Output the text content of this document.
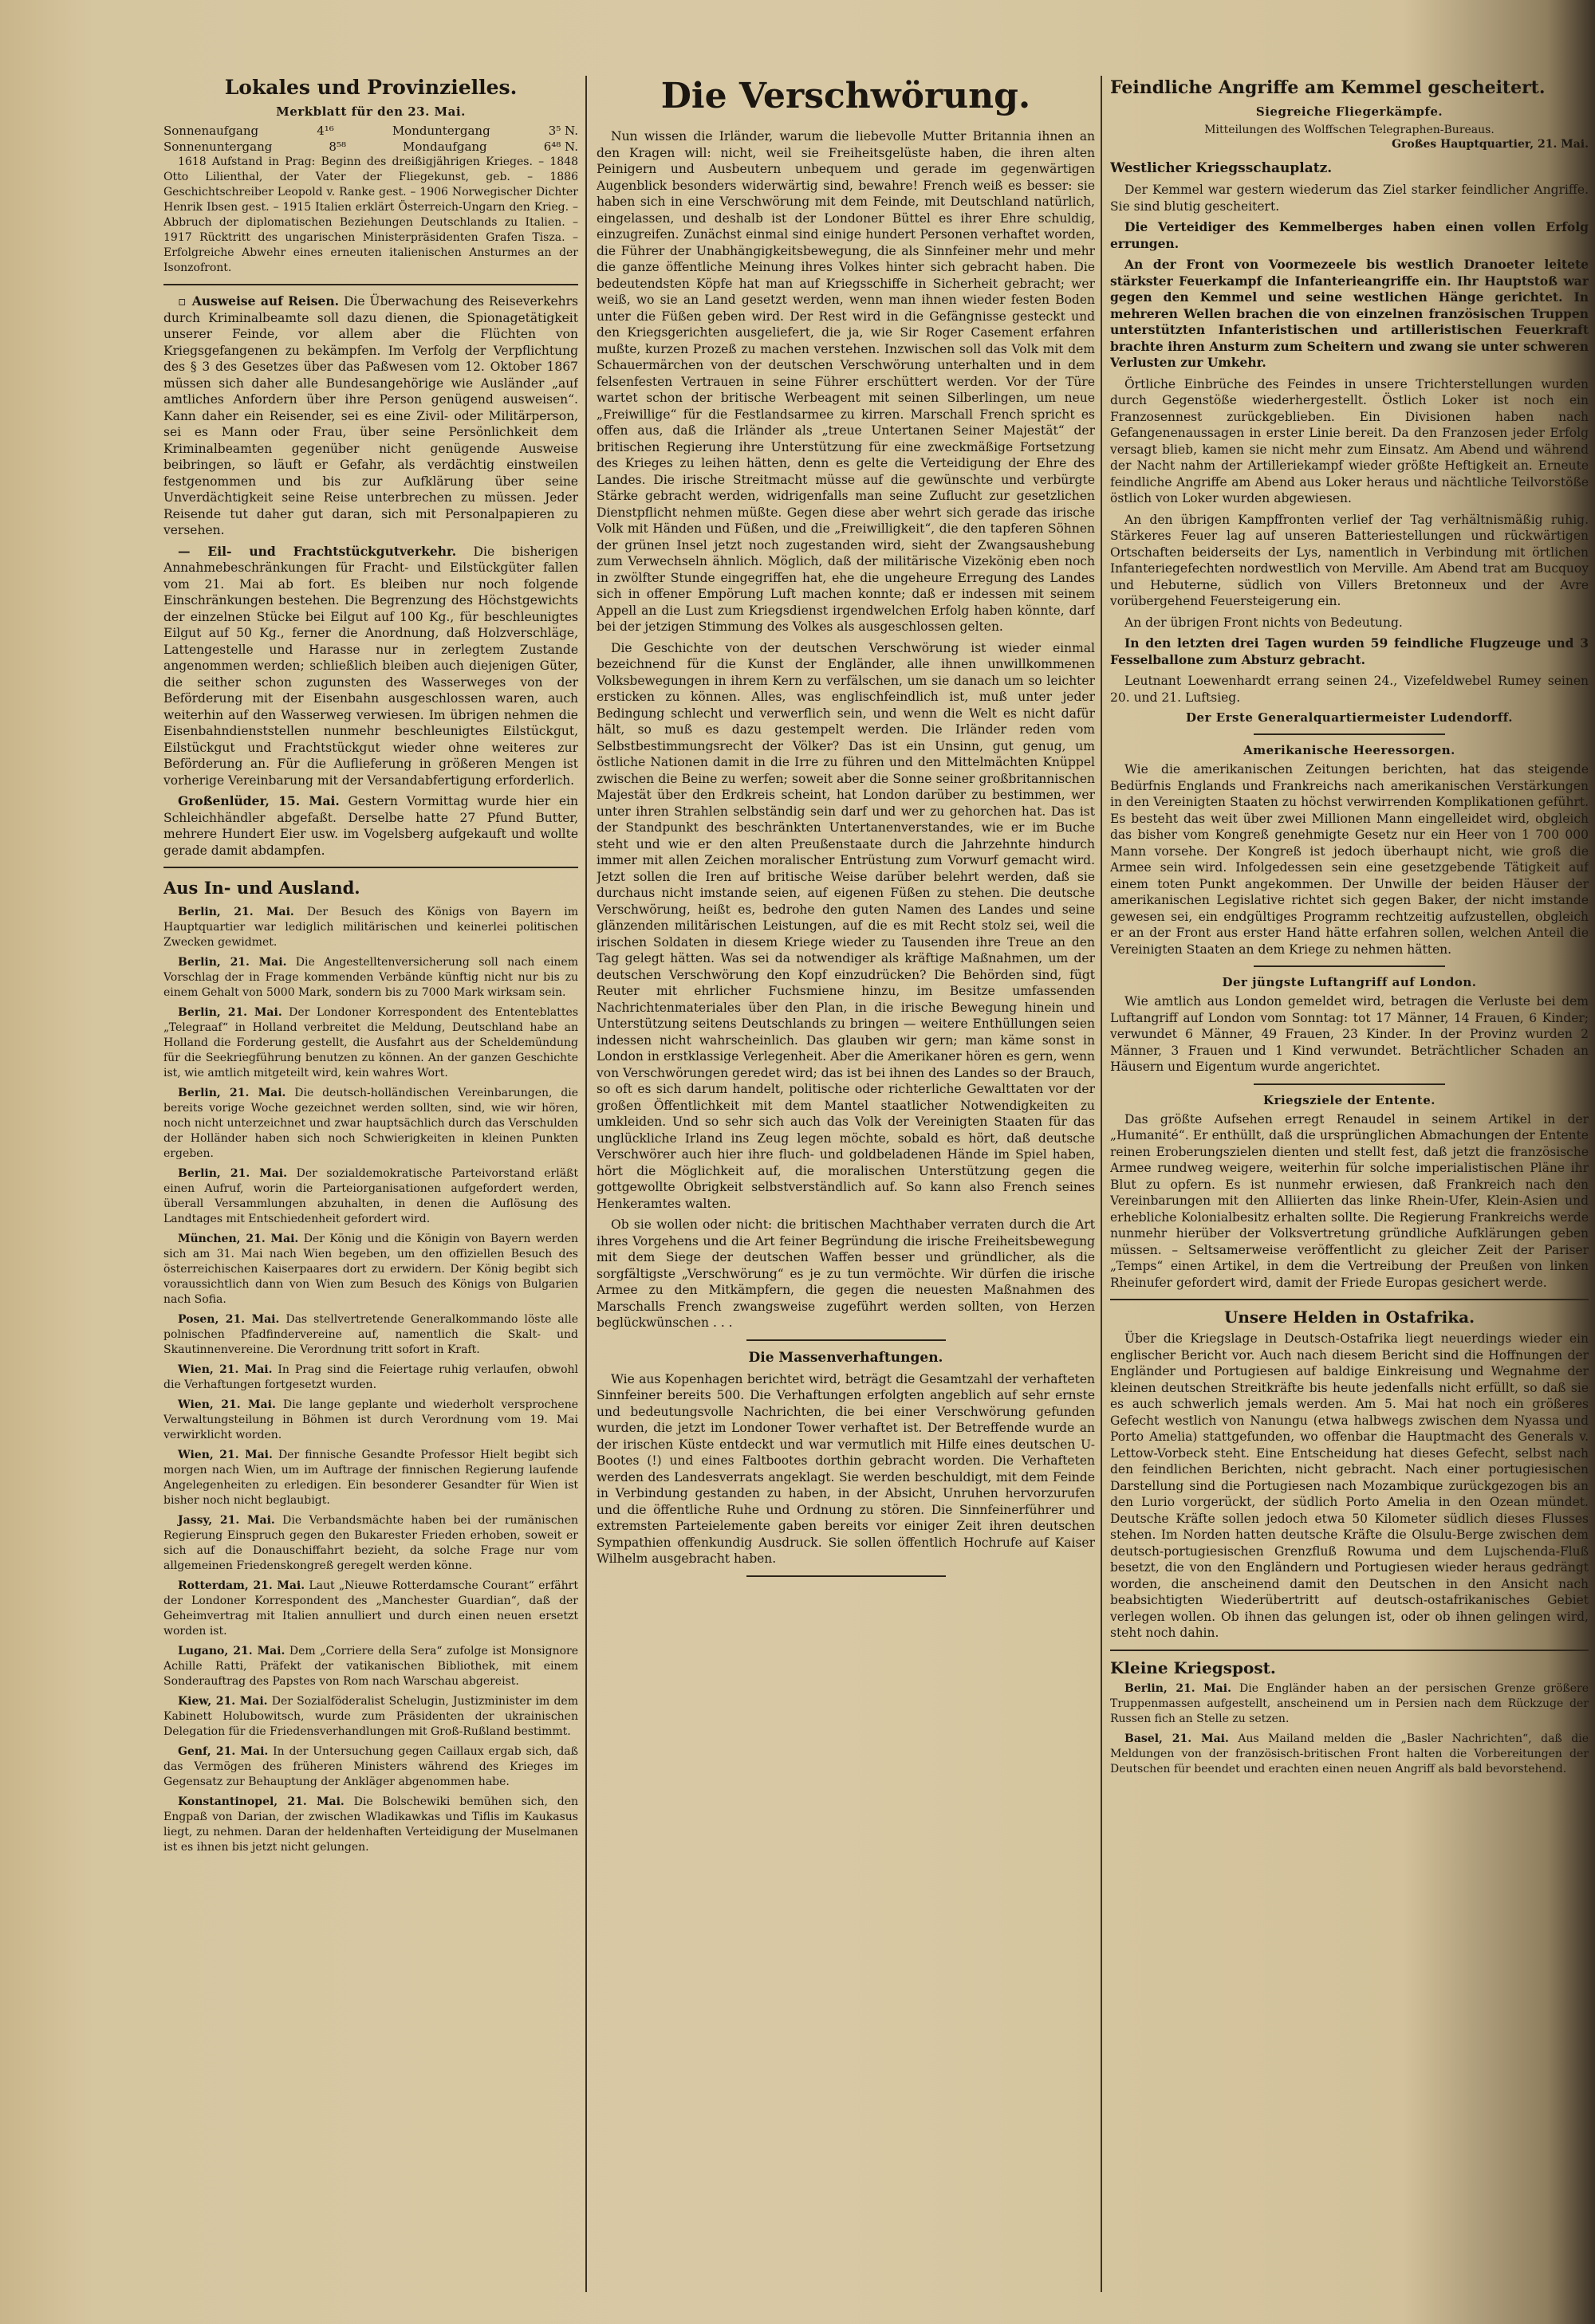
Lokales und Provinzielles.
Merkblatt für den 23. Mai.
Sonnenaufgang	4¹⁶	Monduntergang	3⁵ N.
Sonnenuntergang	8⁵⁸	Mondaufgang	6⁴⁸ N.

1618 Aufstand in Prag: Beginn des dreißigjährigen Krieges. – 1848 Otto Lilienthal, der Vater der Fliegekunst, geb. – 1886 Geschichtschreiber Leopold v. Ranke gest. – 1906 Norwegischer Dichter Henrik Ibsen gest. – 1915 Italien erklärt Österreich-Ungarn den Krieg. – Abbruch der diplomatischen Beziehungen Deutschlands zu Italien. – 1917 Rücktritt des ungarischen Ministerpräsidenten Grafen Tisza. – Erfolgreiche Abwehr eines erneuten italienischen Ansturmes an der Isonzofront.

▫ Ausweise auf Reisen. Die Überwachung des Reiseverkehrs durch Kriminalbeamte soll dazu dienen, die Spionagetätigkeit unserer Feinde, vor allem aber die Flüchten von Kriegsgefangenen zu bekämpfen. Im Verfolg der Verpflichtung des § 3 des Gesetzes über das Paßwesen vom 12. Oktober 1867 müssen sich daher alle Bundesangehörige wie Ausländer „auf amtliches Anfordern über ihre Person genügend ausweisen“. Kann daher ein Reisender, sei es eine Zivil- oder Militärperson, sei es Mann oder Frau, über seine Persönlichkeit dem Kriminalbeamten gegenüber nicht genügende Ausweise beibringen, so läuft er Gefahr, als verdächtig einstweilen festgenommen und bis zur Aufklärung über seine Unverdächtigkeit seine Reise unterbrechen zu müssen. Jeder Reisende tut daher gut daran, sich mit Personalpapieren zu versehen.

— Eil- und Frachtstückgutverkehr. Die bisherigen Annahmebeschränkungen für Fracht- und Eilstückgüter fallen vom 21. Mai ab fort. Es bleiben nur noch folgende Einschränkungen bestehen. Die Begrenzung des Höchstgewichts der einzelnen Stücke bei Eilgut auf 100 Kg., für beschleunigtes Eilgut auf 50 Kg., ferner die Anordnung, daß Holzverschläge, Lattengestelle und Harasse nur in zerlegtem Zustande angenommen werden; schließlich bleiben auch diejenigen Güter, die seither schon zugunsten des Wasserweges von der Beförderung mit der Eisenbahn ausgeschlossen waren, auch weiterhin auf den Wasserweg verwiesen. Im übrigen nehmen die Eisenbahndienststellen nunmehr beschleunigtes Eilstückgut, Eilstückgut und Frachtstückgut wieder ohne weiteres zur Beförderung an. Für die Auflieferung in größeren Mengen ist vorherige Vereinbarung mit der Versandabfertigung erforderlich.

Großenlüder, 15. Mai. Gestern Vormittag wurde hier ein Schleichhändler abgefaßt. Derselbe hatte 27 Pfund Butter, mehrere Hundert Eier usw. im Vogelsberg aufgekauft und wollte gerade damit abdampfen.

Aus In- und Ausland.

Berlin, 21. Mai. Der Besuch des Königs von Bayern im Hauptquartier war lediglich militärischen und keinerlei politischen Zwecken gewidmet.

Berlin, 21. Mai. Die Angestelltenversicherung soll nach einem Vorschlag der in Frage kommenden Verbände künftig nicht nur bis zu einem Gehalt von 5000 Mark, sondern bis zu 7000 Mark wirksam sein.

Berlin, 21. Mai. Der Londoner Korrespondent des Ententeblattes „Telegraaf“ in Holland verbreitet die Meldung, Deutschland habe an Holland die Forderung gestellt, die Ausfahrt aus der Scheldemündung für die Seekriegführung benutzen zu können. An der ganzen Geschichte ist, wie amtlich mitgeteilt wird, kein wahres Wort.

Berlin, 21. Mai. Die deutsch-holländischen Vereinbarungen, die bereits vorige Woche gezeichnet werden sollten, sind, wie wir hören, noch nicht unterzeichnet und zwar hauptsächlich durch das Verschulden der Holländer haben sich noch Schwierigkeiten in kleinen Punkten ergeben.

Berlin, 21. Mai. Der sozialdemokratische Parteivorstand erläßt einen Aufruf, worin die Parteiorganisationen aufgefordert werden, überall Versammlungen abzuhalten, in denen die Auflösung des Landtages mit Entschiedenheit gefordert wird.

München, 21. Mai. Der König und die Königin von Bayern werden sich am 31. Mai nach Wien begeben, um den offiziellen Besuch des österreichischen Kaiserpaares dort zu erwidern. Der König begibt sich voraussichtlich dann von Wien zum Besuch des Königs von Bulgarien nach Sofia.

Posen, 21. Mai. Das stellvertretende Generalkommando löste alle polnischen Pfadfindervereine auf, namentlich die Skalt- und Skautinnenvereine. Die Verordnung tritt sofort in Kraft.

Wien, 21. Mai. In Prag sind die Feiertage ruhig verlaufen, obwohl die Verhaftungen fortgesetzt wurden.

Wien, 21. Mai. Die lange geplante und wiederholt versprochene Verwaltungsteilung in Böhmen ist durch Verordnung vom 19. Mai verwirklicht worden.

Wien, 21. Mai. Der finnische Gesandte Professor Hielt begibt sich morgen nach Wien, um im Auftrage der finnischen Regierung laufende Angelegenheiten zu erledigen. Ein besonderer Gesandter für Wien ist bisher noch nicht beglaubigt.

Jassy, 21. Mai. Die Verbandsmächte haben bei der rumänischen Regierung Einspruch gegen den Bukarester Frieden erhoben, soweit er sich auf die Donauschiffahrt bezieht, da solche Frage nur vom allgemeinen Friedenskongreß geregelt werden könne.

Rotterdam, 21. Mai. Laut „Nieuwe Rotterdamsche Courant“ erfährt der Londoner Korrespondent des „Manchester Guardian“, daß der Geheimvertrag mit Italien annulliert und durch einen neuen ersetzt worden ist.

Lugano, 21. Mai. Dem „Corriere della Sera“ zufolge ist Monsignore Achille Ratti, Präfekt der vatikanischen Bibliothek, mit einem Sonderauftrag des Papstes von Rom nach Warschau abgereist.

Kiew, 21. Mai. Der Sozialföderalist Schelugin, Justizminister im dem Kabinett Holubowitsch, wurde zum Präsidenten der ukrainischen Delegation für die Friedensverhandlungen mit Groß-Rußland bestimmt.

Genf, 21. Mai. In der Untersuchung gegen Caillaux ergab sich, daß das Vermögen des früheren Ministers während des Krieges im Gegensatz zur Behauptung der Ankläger abgenommen habe.

Konstantinopel, 21. Mai. Die Bolschewiki bemühen sich, den Engpaß von Darian, der zwischen Wladikawkas und Tiflis im Kaukasus liegt, zu nehmen. Daran der heldenhaften Verteidigung der Muselmanen ist es ihnen bis jetzt nicht gelungen.

Die Verschwörung.

Nun wissen die Irländer, warum die liebevolle Mutter Britannia ihnen an den Kragen will: nicht, weil sie Freiheitsgelüste haben, die ihren alten Peinigern und Ausbeutern unbequem und gerade im gegenwärtigen Augenblick besonders widerwärtig sind, bewahre! French weiß es besser: sie haben sich in eine Verschwörung mit dem Feinde, mit Deutschland natürlich, eingelassen, und deshalb ist der Londoner Büttel es ihrer Ehre schuldig, einzugreifen. Zunächst einmal sind einige hundert Personen verhaftet worden, die Führer der Unabhängigkeitsbewegung, die als Sinnfeiner mehr und mehr die ganze öffentliche Meinung ihres Volkes hinter sich gebracht haben. Die bedeutendsten Köpfe hat man auf Kriegsschiffe in Sicherheit gebracht; wer weiß, wo sie an Land gesetzt werden, wenn man ihnen wieder festen Boden unter die Füßen geben wird. Der Rest wird in die Gefängnisse gesteckt und den Kriegsgerichten ausgeliefert, die ja, wie Sir Roger Casement erfahren mußte, kurzen Prozeß zu machen verstehen. Inzwischen soll das Volk mit dem Schauermärchen von der deutschen Verschwörung unterhalten und in dem felsenfesten Vertrauen in seine Führer erschüttert werden. Vor der Türe wartet schon der britische Werbeagent mit seinen Silberlingen, um neue „Freiwillige“ für die Festlandsarmee zu kirren. Marschall French spricht es offen aus, daß die Irländer als „treue Untertanen Seiner Majestät“ der britischen Regierung ihre Unterstützung für eine zweckmäßige Fortsetzung des Krieges zu leihen hätten, denn es gelte die Verteidigung der Ehre des Landes. Die irische Streitmacht müsse auf die gewünschte und verbürgte Stärke gebracht werden, widrigenfalls man seine Zuflucht zur gesetzlichen Dienstpflicht nehmen müßte. Gegen diese aber wehrt sich gerade das irische Volk mit Händen und Füßen, und die „Freiwilligkeit“, die den tapferen Söhnen der grünen Insel jetzt noch zugestanden wird, sieht der Zwangsaushebung zum Verwechseln ähnlich. Möglich, daß der militärische Vizekönig eben noch in zwölfter Stunde eingegriffen hat, ehe die ungeheure Erregung des Landes sich in offener Empörung Luft machen konnte; daß er indessen mit seinem Appell an die Lust zum Kriegsdienst irgendwelchen Erfolg haben könnte, darf bei der jetzigen Stimmung des Volkes als ausgeschlossen gelten.

Die Geschichte von der deutschen Verschwörung ist wieder einmal bezeichnend für die Kunst der Engländer, alle ihnen unwillkommenen Volksbewegungen in ihrem Kern zu verfälschen, um sie danach um so leichter ersticken zu können. Alles, was englischfeindlich ist, muß unter jeder Bedingung schlecht und verwerflich sein, und wenn die Welt es nicht dafür hält, so muß es dazu gestempelt werden. Die Irländer reden vom Selbstbestimmungsrecht der Völker? Das ist ein Unsinn, gut genug, um östliche Nationen damit in die Irre zu führen und den Mittelmächten Knüppel zwischen die Beine zu werfen; soweit aber die Sonne seiner großbritannischen Majestät über den Erdkreis scheint, hat London darüber zu bestimmen, wer unter ihren Strahlen selbständig sein darf und wer zu gehorchen hat. Das ist der Standpunkt des beschränkten Untertanenverstandes, wie er im Buche steht und wie er den alten Preußenstaate durch die Jahrzehnte hindurch immer mit allen Zeichen moralischer Entrüstung zum Vorwurf gemacht wird. Jetzt sollen die Iren auf britische Weise darüber belehrt werden, daß sie durchaus nicht imstande seien, auf eigenen Füßen zu stehen. Die deutsche Verschwörung, heißt es, bedrohe den guten Namen des Landes und seine glänzenden militärischen Leistungen, auf die es mit Recht stolz sei, weil die irischen Soldaten in diesem Kriege wieder zu Tausenden ihre Treue an den Tag gelegt hätten. Was sei da notwendiger als kräftige Maßnahmen, um der deutschen Verschwörung den Kopf einzudrücken? Die Behörden sind, fügt Reuter mit ehrlicher Fuchsmiene hinzu, im Besitze umfassenden Nachrichtenmateriales über den Plan, in die irische Bewegung hinein und Unterstützung seitens Deutschlands zu bringen — weitere Enthüllungen seien indessen nicht wahrscheinlich. Das glauben wir gern; man käme sonst in London in erstklassige Verlegenheit. Aber die Amerikaner hören es gern, wenn von Verschwörungen geredet wird; das ist bei ihnen des Landes so der Brauch, so oft es sich darum handelt, politische oder richterliche Gewalttaten vor der großen Öffentlichkeit mit dem Mantel staatlicher Notwendigkeiten zu umkleiden. Und so sehr sich auch das Volk der Vereinigten Staaten für das unglückliche Irland ins Zeug legen möchte, sobald es hört, daß deutsche Verschwörer auch hier ihre fluch- und goldbeladenen Hände im Spiel haben, hört die Möglichkeit auf, die moralischen Unterstützung gegen die gottgewollte Obrigkeit selbstverständlich auf. So kann also French seines Henkeramtes walten.

Ob sie wollen oder nicht: die britischen Machthaber verraten durch die Art ihres Vorgehens und die Art feiner Begründung die irische Freiheitsbewegung mit dem Siege der deutschen Waffen besser und gründlicher, als die sorgfältigste „Verschwörung“ es je zu tun vermöchte. Wir dürfen die irische Armee zu den Mitkämpfern, die gegen die neuesten Maßnahmen des Marschalls French zwangsweise zugeführt werden sollten, von Herzen beglückwünschen . . .

Die Massenverhaftungen.

Wie aus Kopenhagen berichtet wird, beträgt die Gesamtzahl der verhafteten Sinnfeiner bereits 500. Die Verhaftungen erfolgten angeblich auf sehr ernste und bedeutungsvolle Nachrichten, die bei einer Verschwörung gefunden wurden, die jetzt im Londoner Tower verhaftet ist. Der Betreffende wurde an der irischen Küste entdeckt und war vermutlich mit Hilfe eines deutschen U-Bootes (!) und eines Faltbootes dorthin gebracht worden. Die Verhafteten werden des Landesverrats angeklagt. Sie werden beschuldigt, mit dem Feinde in Verbindung gestanden zu haben, in der Absicht, Unruhen hervorzurufen und die öffentliche Ruhe und Ordnung zu stören. Die Sinnfeinerführer und extremsten Parteielemente gaben bereits vor einiger Zeit ihren deutschen Sympathien offenkundig Ausdruck. Sie sollen öffentlich Hochrufe auf Kaiser Wilhelm ausgebracht haben.

Feindliche Angriffe am Kemmel gescheitert.
Siegreiche Fliegerkämpfe.
Mitteilungen des Wolffschen Telegraphen-Bureaus.
Großes Hauptquartier, 21. Mai.
Westlicher Kriegsschauplatz.

Der Kemmel war gestern wiederum das Ziel starker feindlicher Angriffe. Sie sind blutig gescheitert.

Die Verteidiger des Kemmelberges haben einen vollen Erfolg errungen.

An der Front von Voormezeele bis westlich Dranoeter leitete stärkster Feuerkampf die Infanterieangriffe ein. Ihr Hauptstoß war gegen den Kemmel und seine westlichen Hänge gerichtet. In mehreren Wellen brachen die von einzelnen französischen Truppen unterstützten Infanteristischen und artilleristischen Feuerkraft brachte ihren Ansturm zum Scheitern und zwang sie unter schweren Verlusten zur Umkehr.

Örtliche Einbrüche des Feindes in unsere Trichterstellungen wurden durch Gegenstöße wiederhergestellt. Östlich Loker ist noch ein Franzosennest zurückgeblieben. Ein Divisionen haben nach Gefangenenaussagen in erster Linie bereit. Da den Franzosen jeder Erfolg versagt blieb, kamen sie nicht mehr zum Einsatz. Am Abend und während der Nacht nahm der Artilleriekampf wieder größte Heftigkeit an. Erneute feindliche Angriffe am Abend aus Loker heraus und nächtliche Teilvorstöße östlich von Loker wurden abgewiesen.

An den übrigen Kampffronten verlief der Tag verhältnismäßig ruhig. Stärkeres Feuer lag auf unseren Batteriestellungen und rückwärtigen Ortschaften beiderseits der Lys, namentlich in Verbindung mit örtlichen Infanteriegefechten nordwestlich von Merville. Am Abend trat am Bucquoy und Hebuterne, südlich von Villers Bretonneux und der Avre vorübergehend Feuersteigerung ein.

An der übrigen Front nichts von Bedeutung.

In den letzten drei Tagen wurden 59 feindliche Flugzeuge und 3 Fesselballone zum Absturz gebracht.

Leutnant Loewenhardt errang seinen 24., Vizefeldwebel Rumey seinen 20. und 21. Luftsieg.

Der Erste Generalquartiermeister Ludendorff.
Amerikanische Heeressorgen.

Wie die amerikanischen Zeitungen berichten, hat das steigende Bedürfnis Englands und Frankreichs nach amerikanischen Verstärkungen in den Vereinigten Staaten zu höchst verwirrenden Komplikationen geführt. Es besteht das weit über zwei Millionen Mann eingelleidet wird, obgleich das bisher vom Kongreß genehmigte Gesetz nur ein Heer von 1 700 000 Mann vorsehe. Der Kongreß ist jedoch überhaupt nicht, wie groß die Armee sein wird. Infolgedessen sein eine gesetzgebende Tätigkeit auf einem toten Punkt angekommen. Der Unwille der beiden Häuser der amerikanischen Legislative richtet sich gegen Baker, der nicht imstande gewesen sei, ein endgültiges Programm rechtzeitig aufzustellen, obgleich er an der Front aus erster Hand hätte erfahren sollen, welchen Anteil die Vereinigten Staaten an dem Kriege zu nehmen hätten.

Der jüngste Luftangriff auf London.

Wie amtlich aus London gemeldet wird, betragen die Verluste bei dem Luftangriff auf London vom Sonntag: tot 17 Männer, 14 Frauen, 6 Kinder; verwundet 6 Männer, 49 Frauen, 23 Kinder. In der Provinz wurden 2 Männer, 3 Frauen und 1 Kind verwundet. Beträchtlicher Schaden an Häusern und Eigentum wurde angerichtet.

Kriegsziele der Entente.

Das größte Aufsehen erregt Renaudel in seinem Artikel in der „Humanité“. Er enthüllt, daß die ursprünglichen Abmachungen der Entente reinen Eroberungszielen dienten und stellt fest, daß jetzt die französische Armee rundweg weigere, weiterhin für solche imperialistischen Pläne ihr Blut zu opfern. Es ist nunmehr erwiesen, daß Frankreich nach den Vereinbarungen mit den Alliierten das linke Rhein-Ufer, Klein-Asien und erhebliche Kolonialbesitz erhalten sollte. Die Regierung Frankreichs werde nunmehr hierüber der Volksvertretung gründliche Aufklärungen geben müssen. – Seltsamerweise veröffentlicht zu gleicher Zeit der Pariser „Temps“ einen Artikel, in dem die Vertreibung der Preußen von linken Rheinufer gefordert wird, damit der Friede Europas gesichert werde.

Unsere Helden in Ostafrika.

Über die Kriegslage in Deutsch-Ostafrika liegt neuerdings wieder ein englischer Bericht vor. Auch nach diesem Bericht sind die Hoffnungen der Engländer und Portugiesen auf baldige Einkreisung und Wegnahme der kleinen deutschen Streitkräfte bis heute jedenfalls nicht erfüllt, so daß sie es auch schwerlich jemals werden. Am 5. Mai hat noch ein größeres Gefecht westlich von Nanungu (etwa halbwegs zwischen dem Nyassa und Porto Amelia) stattgefunden, wo offenbar die Hauptmacht des Generals v. Lettow-Vorbeck steht. Eine Entscheidung hat dieses Gefecht, selbst nach den feindlichen Berichten, nicht gebracht. Nach einer portugiesischen Darstellung sind die Portugiesen nach Mozambique zurückgezogen bis an den Lurio vorgerückt, der südlich Porto Amelia in den Ozean mündet. Deutsche Kräfte sollen jedoch etwa 50 Kilometer südlich dieses Flusses stehen. Im Norden hatten deutsche Kräfte die Olsulu-Berge zwischen dem deutsch-portugiesischen Grenzfluß Rowuma und dem Lujschenda-Fluß besetzt, die von den Engländern und Portugiesen wieder heraus gedrängt worden, die anscheinend damit den Deutschen in den Ansicht nach beabsichtigten Wiederübertritt auf deutsch-ostafrikanisches Gebiet verlegen wollen. Ob ihnen das gelungen ist, oder ob ihnen gelingen wird, steht noch dahin.

Kleine Kriegspost.

Berlin, 21. Mai. Die Engländer haben an der persischen Grenze größere Truppenmassen aufgestellt, anscheinend um in Persien nach dem Rückzuge der Russen fich an Stelle zu setzen.

Basel, 21. Mai. Aus Mailand melden die „Basler Nachrichten“, daß die Meldungen von der französisch-britischen Front halten die Vorbereitungen der Deutschen für beendet und erachten einen neuen Angriff als bald bevorstehend.
